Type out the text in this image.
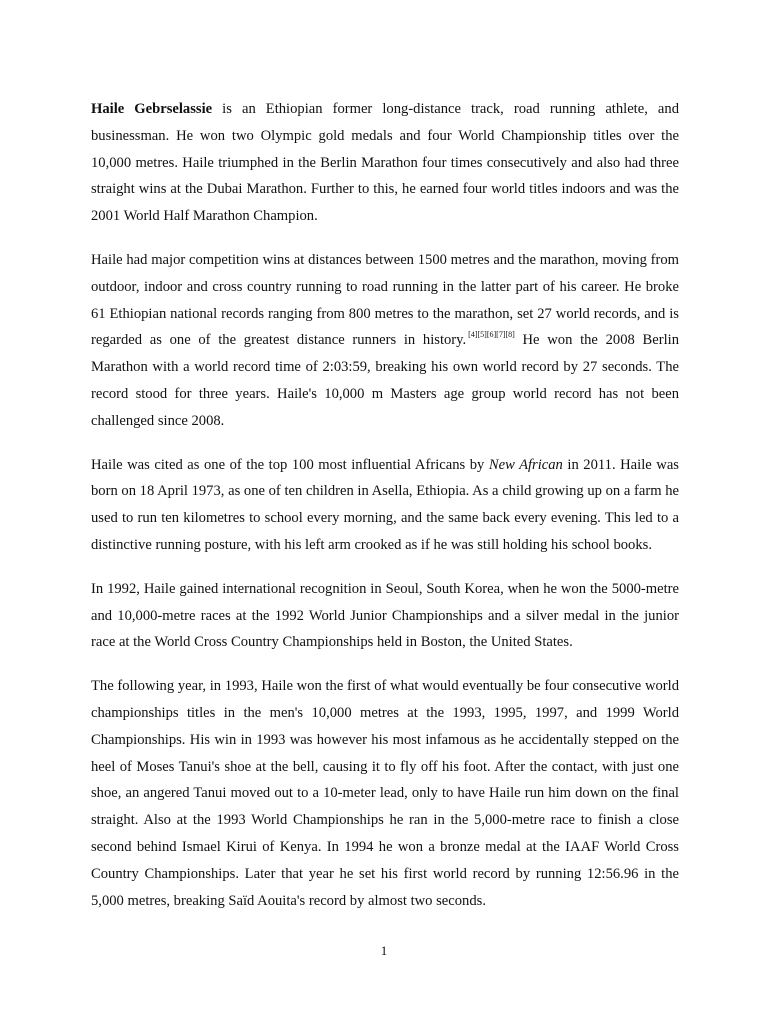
Haile Gebrselassie is an Ethiopian former long-distance track, road running athlete, and businessman. He won two Olympic gold medals and four World Championship titles over the 10,000 metres. Haile triumphed in the Berlin Marathon four times consecutively and also had three straight wins at the Dubai Marathon. Further to this, he earned four world titles indoors and was the 2001 World Half Marathon Champion.

Haile had major competition wins at distances between 1500 metres and the marathon, moving from outdoor, indoor and cross country running to road running in the latter part of his career. He broke 61 Ethiopian national records ranging from 800 metres to the marathon, set 27 world records, and is regarded as one of the greatest distance runners in history. [4][5][6][7][8] He won the 2008 Berlin Marathon with a world record time of 2:03:59, breaking his own world record by 27 seconds. The record stood for three years. Haile's 10,000 m Masters age group world record has not been challenged since 2008.

Haile was cited as one of the top 100 most influential Africans by New African in 2011. Haile was born on 18 April 1973, as one of ten children in Asella, Ethiopia. As a child growing up on a farm he used to run ten kilometres to school every morning, and the same back every evening. This led to a distinctive running posture, with his left arm crooked as if he was still holding his school books.

In 1992, Haile gained international recognition in Seoul, South Korea, when he won the 5000-metre and 10,000-metre races at the 1992 World Junior Championships and a silver medal in the junior race at the World Cross Country Championships held in Boston, the United States.

The following year, in 1993, Haile won the first of what would eventually be four consecutive world championships titles in the men's 10,000 metres at the 1993, 1995, 1997, and 1999 World Championships. His win in 1993 was however his most infamous as he accidentally stepped on the heel of Moses Tanui's shoe at the bell, causing it to fly off his foot. After the contact, with just one shoe, an angered Tanui moved out to a 10-meter lead, only to have Haile run him down on the final straight. Also at the 1993 World Championships he ran in the 5,000-metre race to finish a close second behind Ismael Kirui of Kenya. In 1994 he won a bronze medal at the IAAF World Cross Country Championships. Later that year he set his first world record by running 12:56.96 in the 5,000 metres, breaking Saïd Aouita's record by almost two seconds.

1
